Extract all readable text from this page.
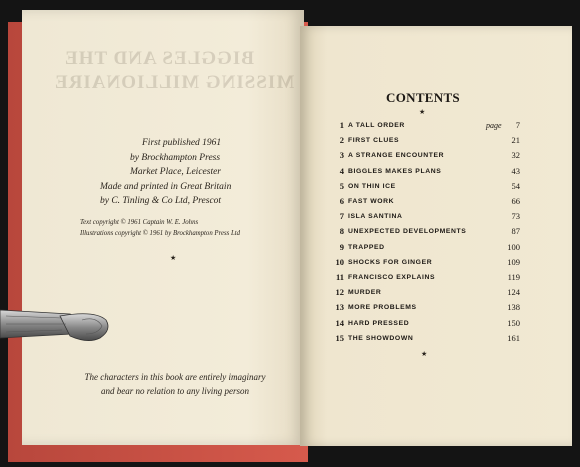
BIGGLES AND THE
MISSING MILLIONAIRE
First published 1961
by Brockhampton Press
Market Place, Leicester
Made and printed in Great Britain
by C. Tinling & Co Ltd, Prescot
Text copyright © 1961 Captain W. E. Johns
Illustrations copyright © 1961 by Brockhampton Press Ltd
★
The characters in this book are entirely imaginary
and bear no relation to any living person
CONTENTS
★
1 A TALL ORDER	page 7
2 FIRST CLUES	21
3 A STRANGE ENCOUNTER	32
4 BIGGLES MAKES PLANS	43
5 ON THIN ICE	54
6 FAST WORK	66
7 ISLA SANTINA	73
8 UNEXPECTED DEVELOPMENTS	87
9 TRAPPED	100
10 SHOCKS FOR GINGER	109
11 FRANCISCO EXPLAINS	119
12 MURDER	124
13 MORE PROBLEMS	138
14 HARD PRESSED	150
15 THE SHOWDOWN	161
★
